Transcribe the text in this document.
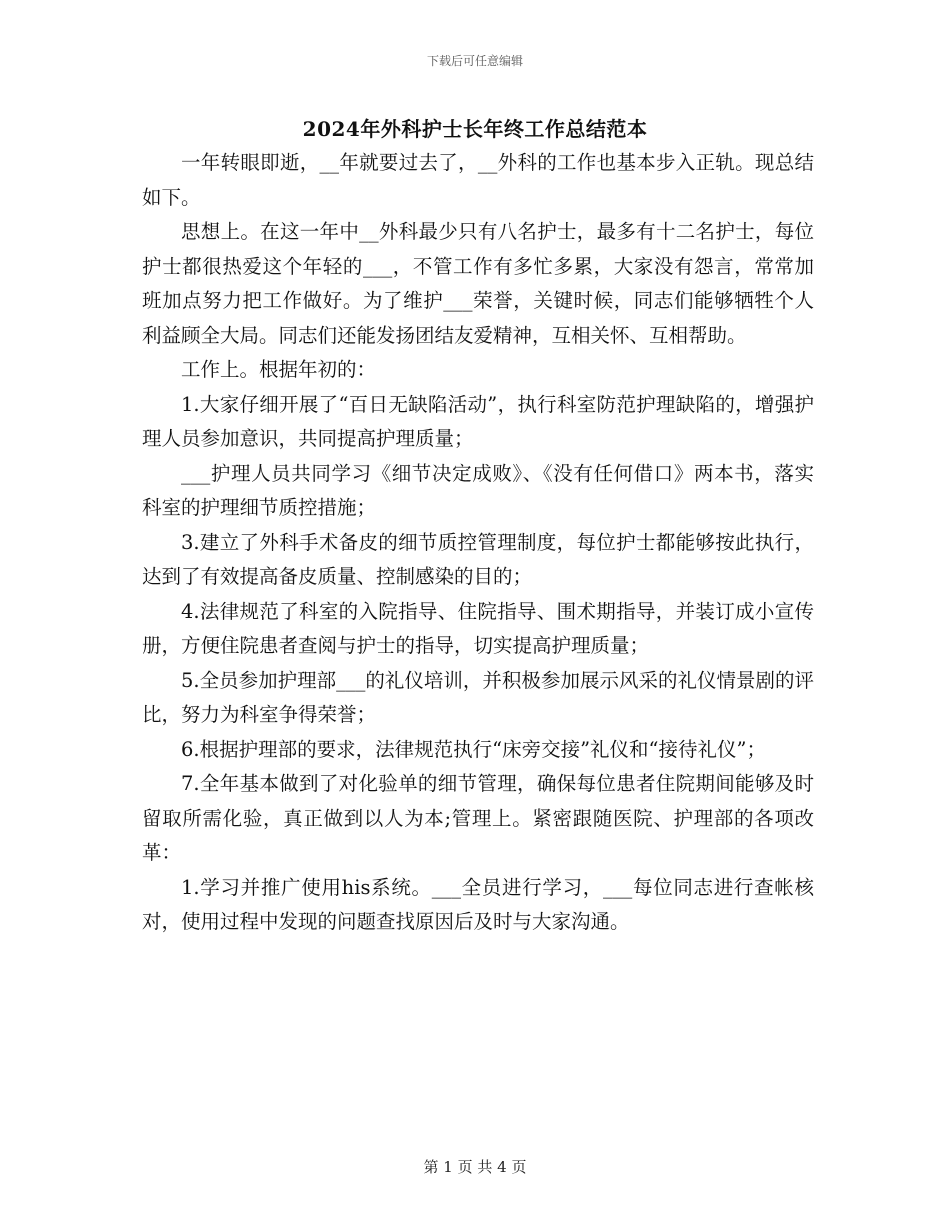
下载后可任意编辑
2024年外科护士长年终工作总结范本

一年转眼即逝，__年就要过去了，__外科的工作也基本步入正轨。现总结如下。

思想上。在这一年中__外科最少只有八名护士，最多有十二名护士，每位护士都很热爱这个年轻的___，不管工作有多忙多累，大家没有怨言，常常加班加点努力把工作做好。为了维护___荣誉，关键时候，同志们能够牺牲个人利益顾全大局。同志们还能发扬团结友爱精神，互相关怀、互相帮助。

工作上。根据年初的：

1.大家仔细开展了“百日无缺陷活动”，执行科室防范护理缺陷的，增强护理人员参加意识，共同提高护理质量；

___护理人员共同学习《细节决定成败》、《没有任何借口》两本书，落实科室的护理细节质控措施；

3.建立了外科手术备皮的细节质控管理制度，每位护士都能够按此执行，达到了有效提高备皮质量、控制感染的目的；

4.法律规范了科室的入院指导、住院指导、围术期指导，并装订成小宣传册，方便住院患者查阅与护士的指导，切实提高护理质量；

5.全员参加护理部___的礼仪培训，并积极参加展示风采的礼仪情景剧的评比，努力为科室争得荣誉；

6.根据护理部的要求，法律规范执行“床旁交接”礼仪和“接待礼仪”；

7.全年基本做到了对化验单的细节管理，确保每位患者住院期间能够及时留取所需化验，真正做到以人为本;管理上。紧密跟随医院、护理部的各项改革：

1.学习并推广使用his系统。___全员进行学习，___每位同志进行查帐核对，使用过程中发现的问题查找原因后及时与大家沟通。

第 1 页 共 4 页
